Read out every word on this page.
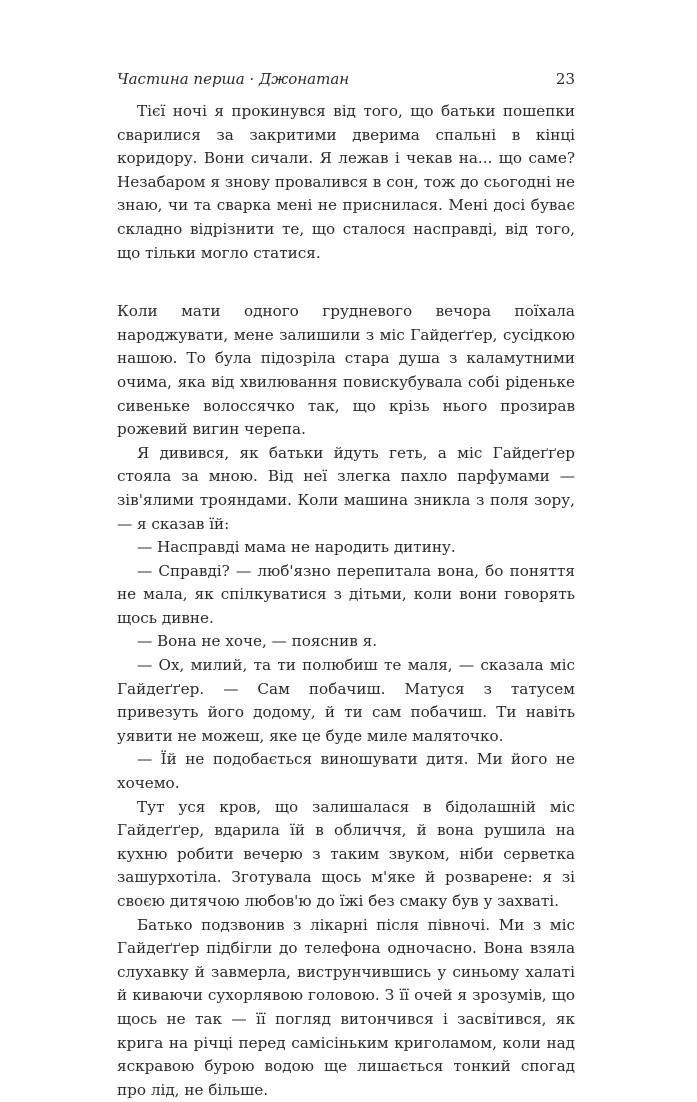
Частина перша · Джонатан	23

Тієї ночі я прокинувся від того, що батьки пошепки сварилися за закритими дверима спальні в кінці коридору. Вони сичали. Я лежав і чекав на... що саме? Незабаром я знову провалився в сон, тож до сьогодні не знаю, чи та сварка мені не приснилася. Мені досі буває складно відрізнити те, що сталося насправді, від того, що тільки могло статися.

Коли мати одного грудневого вечора поїхала народжувати, мене залишили з міс Гайдеґґер, сусідкою нашою. То була підозріла стара душа з каламутними очима, яка від хвилювання повискубувала собі ріденьке сивеньке волоссячко так, що крізь нього прозирав рожевий вигин черепа.

Я дивився, як батьки йдуть геть, а міс Гайдеґґер стояла за мною. Від неї злегка пахло парфумами — зів'ялими трояндами. Коли машина зникла з поля зору, — я сказав їй:

— Насправді мама не народить дитину.

— Справді? — люб'язно перепитала вона, бо поняття не мала, як спілкуватися з дітьми, коли вони говорять щось дивне.

— Вона не хоче, — пояснив я.

— Ох, милий, та ти полюбиш те маля, — сказала міс Гайдеґґер. — Сам побачиш. Матуся з татусем привезуть його додому, й ти сам побачиш. Ти навіть уявити не можеш, яке це буде миле маляточко.

— Їй не подобається виношувати дитя. Ми його не хочемо.

Тут уся кров, що залишалася в бідолашній міс Гайдеґґер, вдарила їй в обличчя, й вона рушила на кухню робити вечерю з таким звуком, ніби серветка зашурхотіла. Зготувала щось м'яке й розварене: я зі своєю дитячою любов'ю до їжі без смаку був у захваті.

Батько подзвонив з лікарні після півночі. Ми з міс Гайдеґґер підбігли до телефона одночасно. Вона взяла слухавку й завмерла, виструнчившись у синьому халаті й киваючи сухорлявою головою. З її очей я зрозумів, що щось не так — її погляд витончився і засвітився, як крига на річці перед самісіньким криголамом, коли над яскравою бурою водою ще лишається тонкий спогад про лід, не більше.
